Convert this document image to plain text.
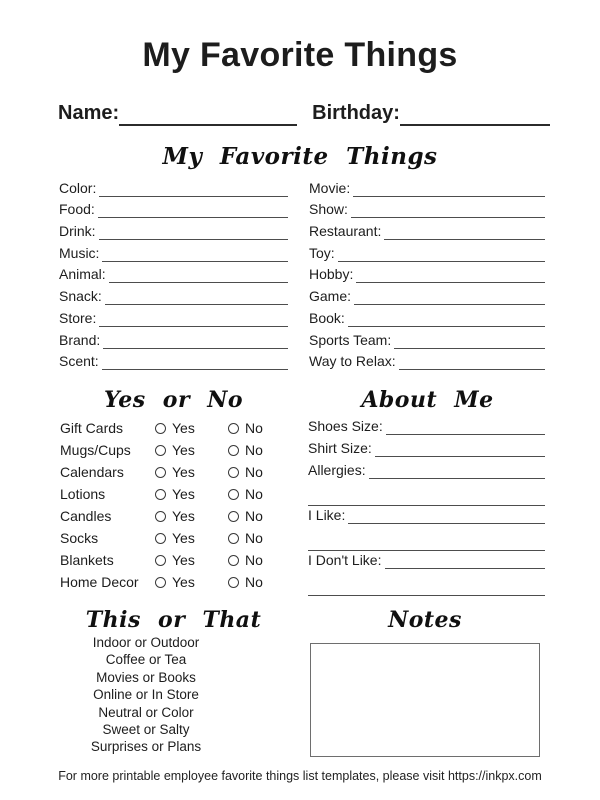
My Favorite Things
Name:	Birthday:
My Favorite Things
Color:
Food:
Drink:
Music:
Animal:
Snack:
Store:
Brand:
Scent:
Movie:
Show:
Restaurant:
Toy:
Hobby:
Game:
Book:
Sports Team:
Way to Relax:
Yes or No	About Me
Gift Cards	Yes	No
Mugs/Cups	Yes	No
Calendars	Yes	No
Lotions	Yes	No
Candles	Yes	No
Socks	Yes	No
Blankets	Yes	No
Home Decor	Yes	No
Shoes Size:
Shirt Size:
Allergies:
I Like:
I Don't Like:
This or That	Notes
Indoor or Outdoor
Coffee or Tea
Movies or Books
Online or In Store
Neutral or Color
Sweet or Salty
Surprises or Plans
For more printable employee favorite things list templates, please visit https://inkpx.com
